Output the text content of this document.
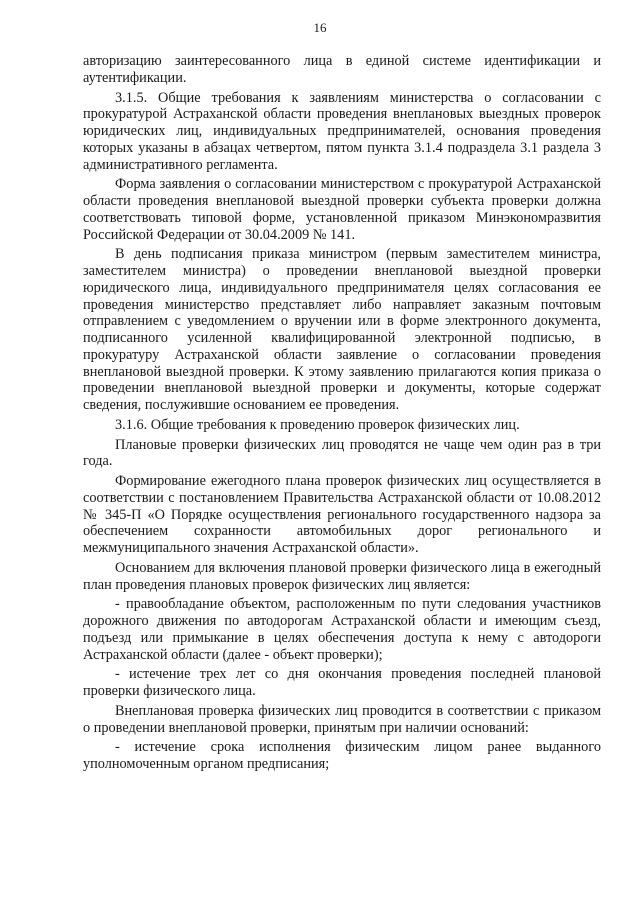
16

авторизацию заинтересованного лица в единой системе идентификации и аутентификации.

3.1.5. Общие требования к заявлениям министерства о согласовании с прокуратурой Астраханской области проведения внеплановых выездных проверок юридических лиц, индивидуальных предпринимателей, основания проведения которых указаны в абзацах четвертом, пятом пункта 3.1.4 подраздела 3.1 раздела 3 административного регламента.

Форма заявления о согласовании министерством с прокуратурой Астраханской области проведения внеплановой выездной проверки субъекта проверки должна соответствовать типовой форме, установленной приказом Минэкономразвития Российской Федерации от 30.04.2009 № 141.

В день подписания приказа министром (первым заместителем министра, заместителем министра) о проведении внеплановой выездной проверки юридического лица, индивидуального предпринимателя целях согласования ее проведения министерство представляет либо направляет заказным почтовым отправлением с уведомлением о вручении или в форме электронного документа, подписанного усиленной квалифицированной электронной подписью, в прокуратуру Астраханской области заявление о согласовании проведения внеплановой выездной проверки. К этому заявлению прилагаются копия приказа о проведении внеплановой выездной проверки и документы, которые содержат сведения, послужившие основанием ее проведения.

3.1.6. Общие требования к проведению проверок физических лиц.

Плановые проверки физических лиц проводятся не чаще чем один раз в три года.

Формирование ежегодного плана проверок физических лиц осуществляется в соответствии с постановлением Правительства Астраханской области от 10.08.2012 № 345-П «О Порядке осуществления регионального государственного надзора за обеспечением сохранности автомобильных дорог регионального и межмуниципального значения Астраханской области».

Основанием для включения плановой проверки физического лица в ежегодный план проведения плановых проверок физических лиц является:

- правообладание объектом, расположенным по пути следования участников дорожного движения по автодорогам Астраханской области и имеющим съезд, подъезд или примыкание в целях обеспечения доступа к нему с автодороги Астраханской области (далее - объект проверки);

- истечение трех лет со дня окончания проведения последней плановой проверки физического лица.

Внеплановая проверка физических лиц проводится в соответствии с приказом о проведении внеплановой проверки, принятым при наличии оснований:

- истечение срока исполнения физическим лицом ранее выданного уполномоченным органом предписания;
